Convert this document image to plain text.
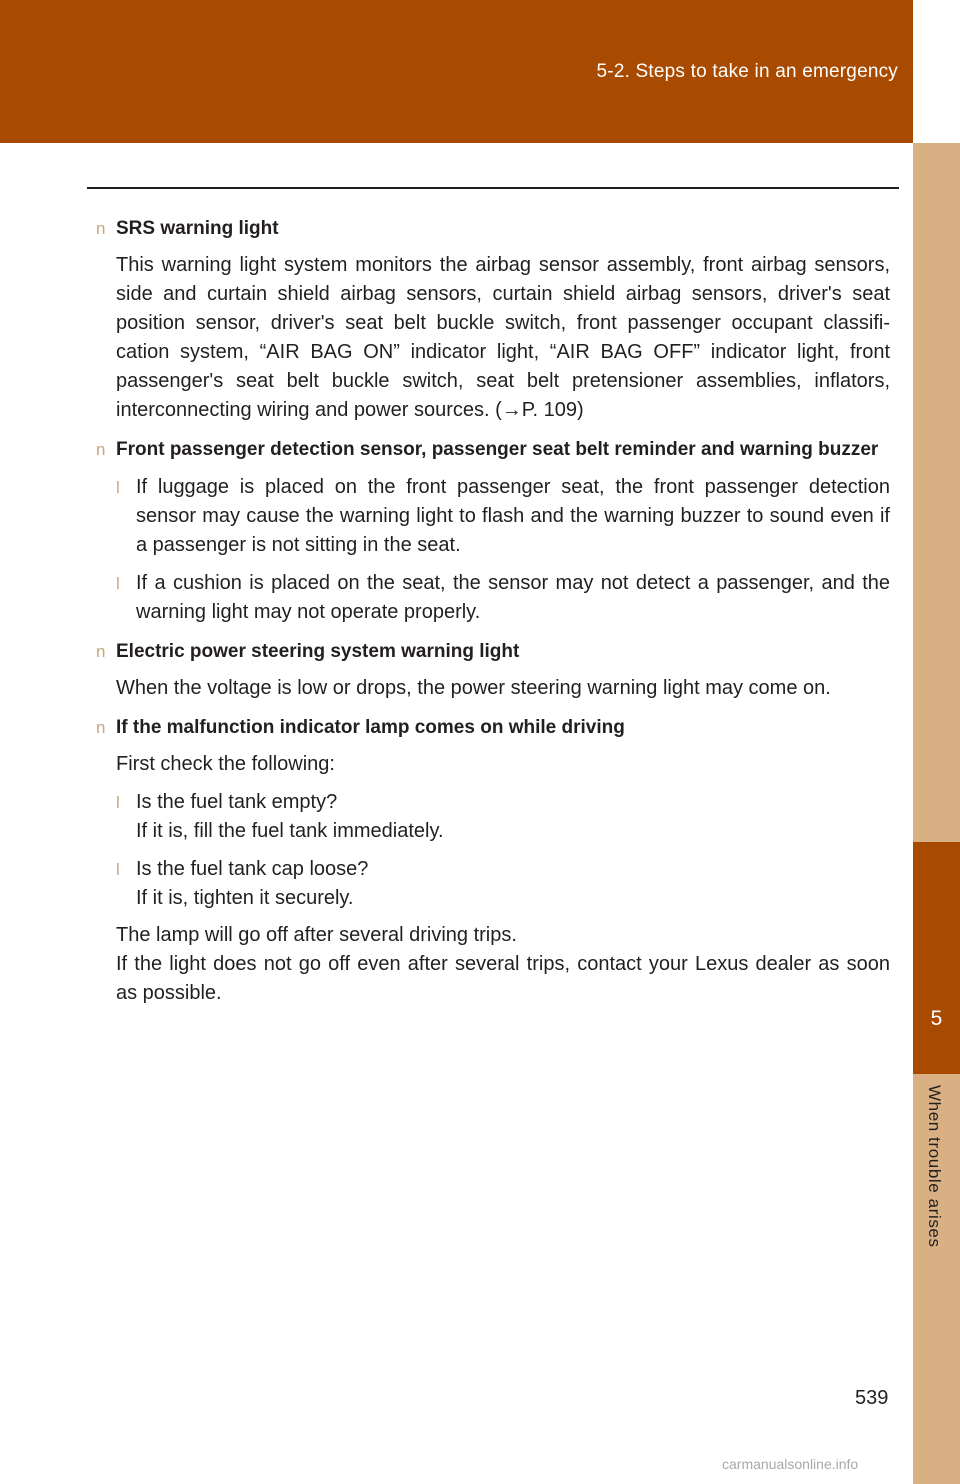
5-2. Steps to take in an emergency
5
When trouble arises
n SRS warning light
This warning light system monitors the airbag sensor assembly, front airbag sensors, side and curtain shield airbag sensors, curtain shield airbag sensors, driver's seat position sensor, driver's seat belt buckle switch, front passenger occupant classifi- cation system, “AIR BAG ON” indicator light, “AIR BAG OFF” indicator light, front passenger's seat belt buckle switch, seat belt pretensioner assemblies, inflators, interconnecting wiring and power sources. (→P. 109)
n Front passenger detection sensor, passenger seat belt reminder and warning buzzer
l If luggage is placed on the front passenger seat, the front passenger detection sensor may cause the warning light to flash and the warning buzzer to sound even if a passenger is not sitting in the seat.
l If a cushion is placed on the seat, the sensor may not detect a passenger, and the warning light may not operate properly.
n Electric power steering system warning light
When the voltage is low or drops, the power steering warning light may come on.
n If the malfunction indicator lamp comes on while driving
First check the following:
l Is the fuel tank empty?
If it is, fill the fuel tank immediately.
l Is the fuel tank cap loose?
If it is, tighten it securely.
The lamp will go off after several driving trips.
If the light does not go off even after several trips, contact your Lexus dealer as soon as possible.
539
carmanualsonline.info
